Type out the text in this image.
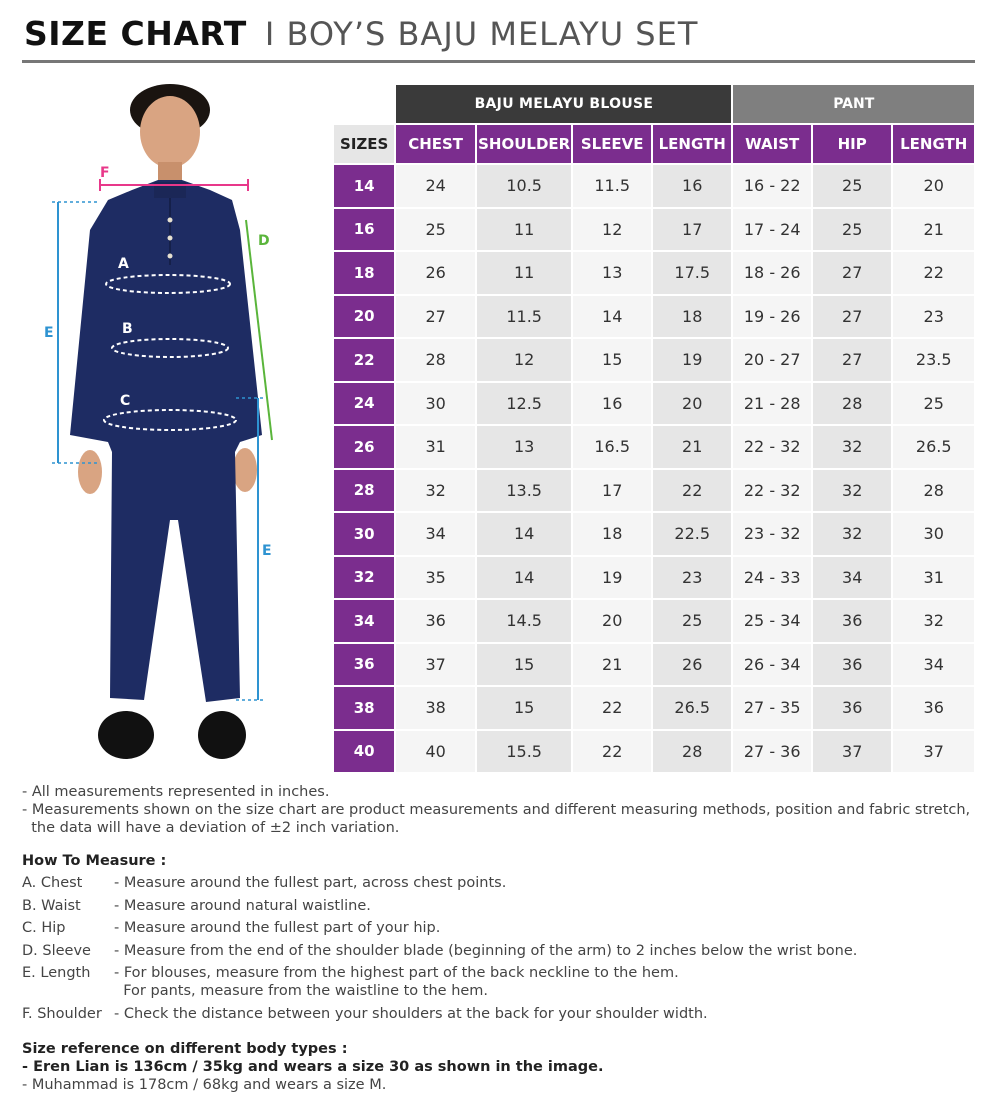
SIZE CHART I BOY’S BAJU MELAYU SET
F
D
E
E
A
B
C
	BAJU MELAYU BLOUSE				PANT		
SIZES	CHEST	SHOULDER	SLEEVE	LENGTH	WAIST	HIP	LENGTH
14	24	10.5	11.5	16	16 - 22	25	20
16	25	11	12	17	17 - 24	25	21
18	26	11	13	17.5	18 - 26	27	22
20	27	11.5	14	18	19 - 26	27	23
22	28	12	15	19	20 - 27	27	23.5
24	30	12.5	16	20	21 - 28	28	25
26	31	13	16.5	21	22 - 32	32	26.5
28	32	13.5	17	22	22 - 32	32	28
30	34	14	18	22.5	23 - 32	32	30
32	35	14	19	23	24 - 33	34	31
34	36	14.5	20	25	25 - 34	36	32
36	37	15	21	26	26 - 34	36	34
38	38	15	22	26.5	27 - 35	36	36
40	40	15.5	22	28	27 - 36	37	37
- All measurements represented in inches.
- Measurements shown on the size chart are product measurements and different measuring methods, position and fabric stretch,
the data will have a deviation of ±2 inch variation.
How To Measure :
A. Chest	- Measure around the fullest part, across chest points.
B. Waist	- Measure around natural waistline.
C. Hip	- Measure around the fullest part of your hip.
D. Sleeve	- Measure from the end of the shoulder blade (beginning of the arm) to 2 inches below the wrist bone.
E. Length	- For blouses, measure from the highest part of the back neckline to the hem.
For pants, measure from the waistline to the hem.
F. Shoulder - Check the distance between your shoulders at the back for your shoulder width.
Size reference on different body types :
- Eren Lian is 136cm / 35kg and wears a size 30 as shown in the image.
- Muhammad is 178cm / 68kg and wears a size M.
